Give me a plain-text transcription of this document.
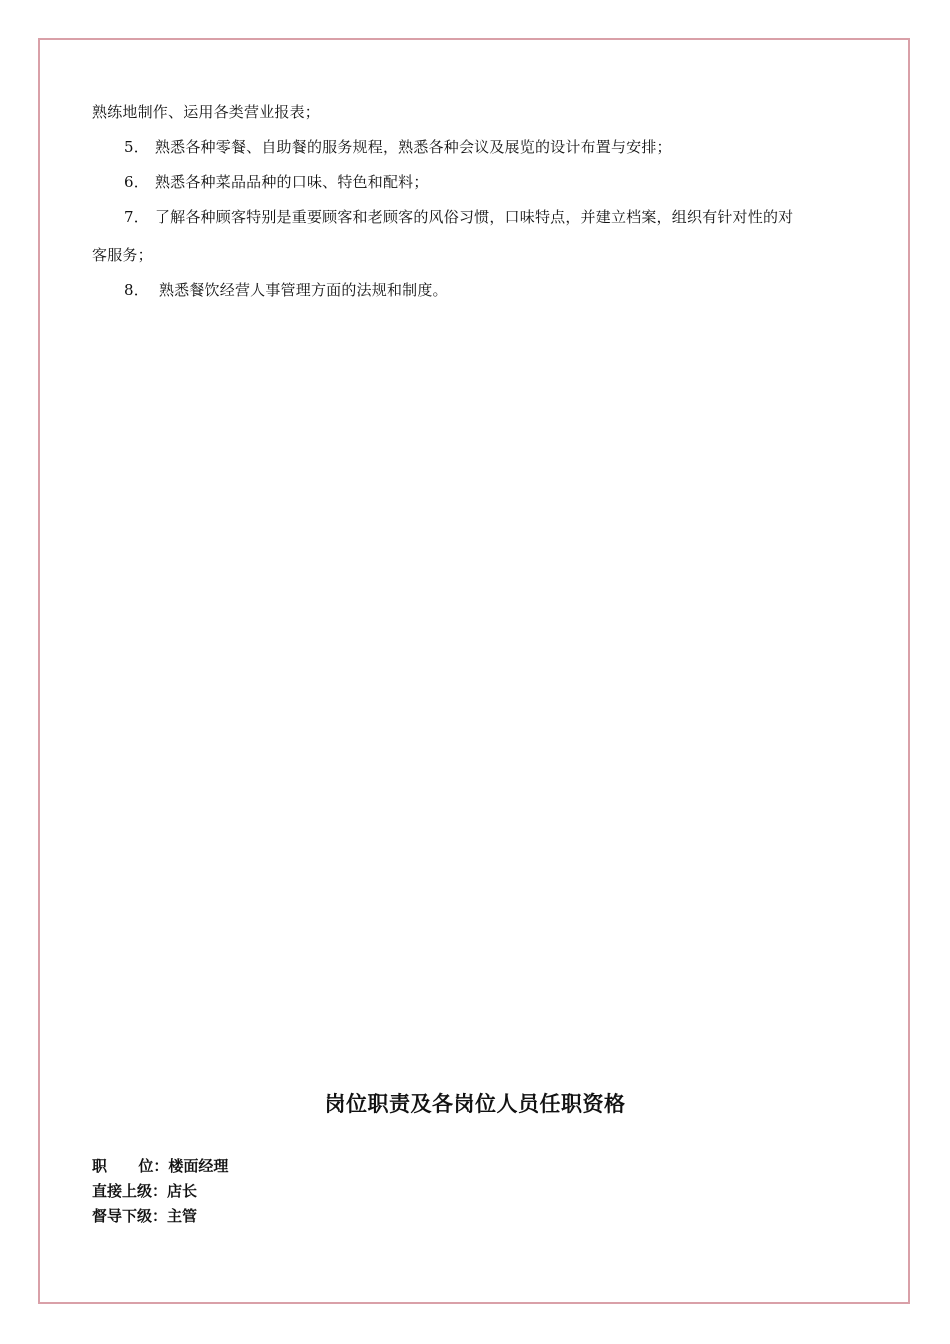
熟练地制作、运用各类营业报表；
5． 熟悉各种零餐、自助餐的服务规程，熟悉各种会议及展览的设计布置与安排；
6． 熟悉各种菜品品种的口味、特色和配料；
7． 了解各种顾客特别是重要顾客和老顾客的风俗习惯，口味特点，并建立档案，组织有针对性的对
客服务；
8． 熟悉餐饮经营人事管理方面的法规和制度。
岗位职责及各岗位人员任职资格
职      位：楼面经理
直接上级：店长
督导下级：主管
